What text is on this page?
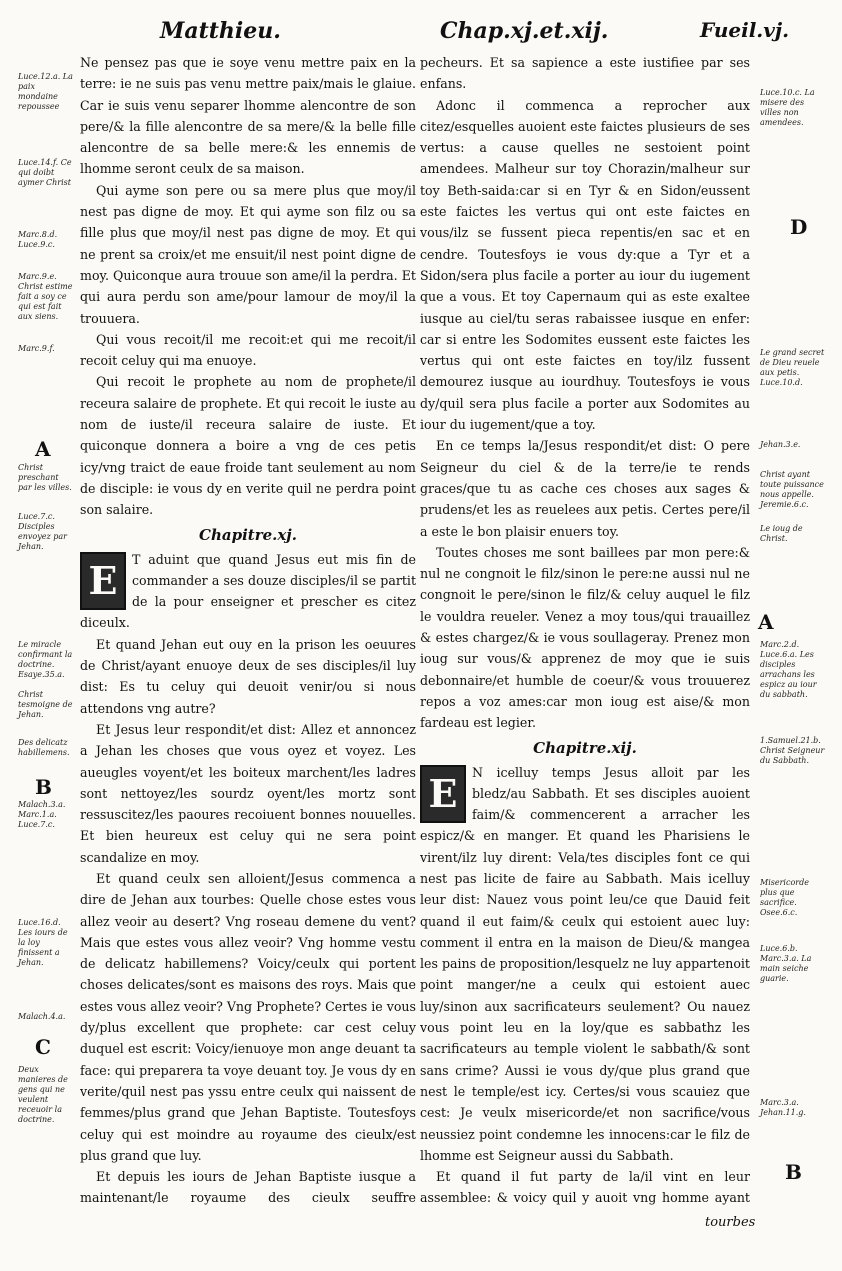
Matthieu.	Chap.xj.et.xij.	Fueil.vj.

Ne pensez pas que ie soye venu mettre paix en la terre: ie ne suis pas venu mettre paix/mais le glaiue. Car ie suis venu separer lhomme alencontre de son pere/& la fille alencontre de sa mere/& la belle fille alencontre de sa belle mere:& les ennemis de lhomme seront ceulx de sa maison.

Qui ayme son pere ou sa mere plus que moy/il nest pas digne de moy. Et qui ayme son filz ou sa fille plus que moy/il nest pas digne de moy. Et qui ne prent sa croix/et me ensuit/il nest point digne de moy. Quiconque aura trouue son ame/il la perdra. Et qui aura perdu son ame/pour lamour de moy/il la trouuera.

Qui vous recoit/il me recoit:et qui me recoit/il recoit celuy qui ma enuoye.

Qui recoit le prophete au nom de prophete/il receura salaire de prophete. Et qui recoit le iuste au nom de iuste/il receura salaire de iuste. Et quiconque donnera a boire a vng de ces petis icy/vng traict de eaue froide tant seulement au nom de disciple: ie vous dy en verite quil ne perdra point son salaire.

Chapitre.xj.
E	T aduint que quand Jesus eut mis fin de commander a ses douze disciples/il se partit de la pour enseigner et prescher es citez diceulx.

Et quand Jehan eut ouy en la prison les oeuures de Christ/ayant enuoye deux de ses disciples/il luy dist: Es tu celuy qui deuoit venir/ou si nous attendons vng autre?

Et Jesus leur respondit/et dist: Allez et annoncez a Jehan les choses que vous oyez et voyez. Les aueugles voyent/et les boiteux marchent/les ladres sont nettoyez/les sourdz oyent/les mortz sont ressuscitez/les paoures recoiuent bonnes nouuelles. Et bien heureux est celuy qui ne sera point scandalize en moy.

Et quand ceulx sen alloient/Jesus commenca a dire de Jehan aux tourbes: Quelle chose estes vous allez veoir au desert? Vng roseau demene du vent? Mais que estes vous allez veoir? Vng homme vestu de delicatz habillemens? Voicy/ceulx qui portent choses delicates/sont es maisons des roys. Mais que estes vous allez veoir? Vng Prophete? Certes ie vous dy/plus excellent que prophete: car cest celuy duquel est escrit: Voicy/ienuoye mon ange deuant ta face: qui preparera ta voye deuant toy. Je vous dy en verite/quil nest pas yssu entre ceulx qui naissent de femmes/plus grand que Jehan Baptiste. Toutesfoys celuy qui est moindre au royaume des cieulx/est plus grand que luy.

Et depuis les iours de Jehan Baptiste iusque a maintenant/le royaume des cieulx seuffre

pecheurs. Et sa sapience a este iustifiee par ses enfans.

Adonc il commenca a reprocher aux citez/esquelles auoient este faictes plusieurs de ses vertus: a cause quelles ne sestoient point amendees. Malheur sur toy Chorazin/malheur sur toy Beth-saida:car si en Tyr & en Sidon/eussent este faictes les vertus qui ont este faictes en vous/ilz se fussent pieca repentis/en sac et en cendre. Toutesfoys ie vous dy:que a Tyr et a Sidon/sera plus facile a porter au iour du iugement que a vous. Et toy Capernaum qui as este exaltee iusque au ciel/tu seras rabaissee iusque en enfer: car si entre les Sodomites eussent este faictes les vertus qui ont este faictes en toy/ilz fussent demourez iusque au iourdhuy. Toutesfoys ie vous dy/quil sera plus facile a porter aux Sodomites au iour du iugement/que a toy.

En ce temps la/Jesus respondit/et dist: O pere Seigneur du ciel & de la terre/ie te rends graces/que tu as cache ces choses aux sages & prudens/et les as reuelees aux petis. Certes pere/il a este le bon plaisir enuers toy.

Toutes choses me sont baillees par mon pere:& nul ne congnoit le filz/sinon le pere:ne aussi nul ne congnoit le pere/sinon le filz/& celuy auquel le filz le vouldra reueler. Venez a moy tous/qui trauaillez & estes chargez/& ie vous soullageray. Prenez mon ioug sur vous/& apprenez de moy que ie suis debonnaire/et humble de coeur/& vous trouuerez repos a voz ames:car mon ioug est aise/& mon fardeau est legier.

Chapitre.xij.
E	N icelluy temps Jesus alloit par les bledz/au Sabbath. Et ses disciples auoient faim/& commencerent a arracher les espicz/& en manger. Et quand les Pharisiens le virent/ilz luy dirent: Vela/tes disciples font ce qui nest pas licite de faire au Sabbath. Mais icelluy leur dist: Nauez vous point leu/ce que Dauid feit quand il eut faim/& ceulx qui estoient auec luy: comment il entra en la maison de Dieu/& mangea les pains de proposition/lesquelz ne luy appartenoit point manger/ne a ceulx qui estoient auec luy/sinon aux sacrificateurs seulement? Ou nauez vous point leu en la loy/que es sabbathz les sacrificateurs au temple violent le sabbath/& sont sans crime? Aussi ie vous dy/que plus grand que nest le temple/est icy. Certes/si vous scauiez que cest: Je veulx misericorde/et non sacrifice/vous neussiez point condemne les innocens:car le filz de lhomme est Seigneur aussi du Sabbath.

Et quand il fut party de la/il vint en leur assemblee: & voicy quil y auoit vng homme ayant

tourbes
Luce.12.a. La paix mondaine repoussee
Luce.14.f. Ce qui doibt aymer Christ
Marc.8.d. Luce.9.c.
Marc.9.e. Christ estime fait a soy ce qui est fait aux siens.
Marc.9.f.
A
Christ preschant par les villes.
Luce.7.c. Disciples envoyez par Jehan.
Le miracle confirmant la doctrine. Esaye.35.a.
Christ tesmoigne de Jehan.
Des delicatz habillemens.
B
Malach.3.a. Marc.1.a. Luce.7.c.
Luce.16.d. Les iours de la loy finissent a Jehan.
Malach.4.a.
C
Deux manieres de gens qui ne veulent receuoir la doctrine.
Luce.10.c. La misere des villes non amendees.
D
Le grand secret de Dieu reuele aux petis. Luce.10.d.
Jehan.3.e.
Christ ayant toute puissance nous appelle. Jeremie.6.c.
Le ioug de Christ.
A
Marc.2.d. Luce.6.a. Les disciples arrachans les espicz au iour du sabbath.
1.Samuel.21.b. Christ Seigneur du Sabbath.
Misericorde plus que sacrifice. Osee.6.c.
Luce.6.b. Marc.3.a. La main seiche guarie.
Marc.3.a. Jehan.11.g.
B
